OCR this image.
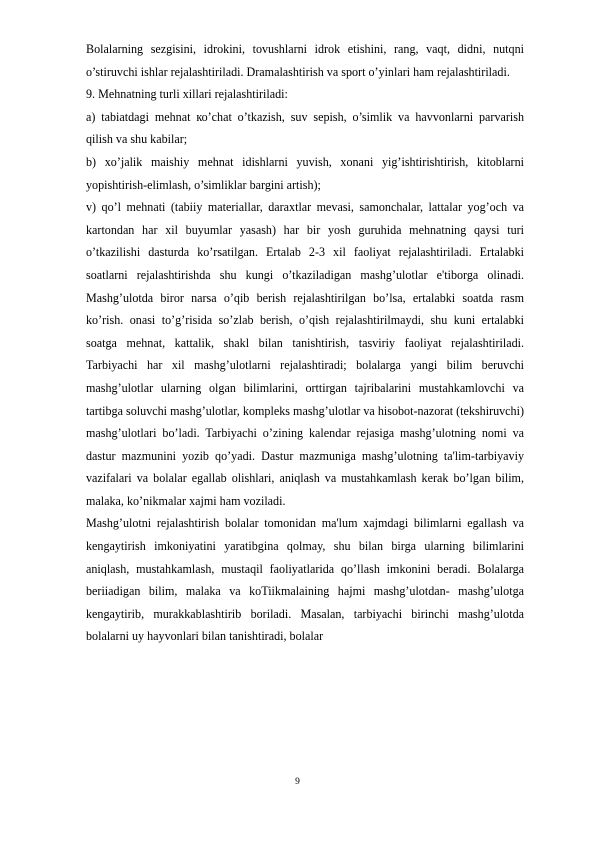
Bolalarning sezgisini, idrokini, tovushlarni idrok etishini, rang, vaqt, didni, nutqni o’stiruvchi ishlar rejalashtiriladi. Dramalashtirish va sport o’yinlari ham rejalashtiriladi.

9. Mehnatning turli xillari rejalashtiriladi:

a) tabiatdagi mehnat ко’chat o’tkazish, suv sepish, o’simlik va havvonlarni parvarish qilish va shu kabilar;

b) xo’jalik maishiy mehnat idishlarni yuvish, xonani yig’ishtirishtirish, kitoblarni yopishtirish-elimlash, o’simliklar bargini artish);

v) qo’l mehnati (tabiiy materiallar, daraxtlar mevasi, samonchalar, lattalar yog’och va kartondan har xil buyumlar yasash) har bir yosh guruhida mehnatning qaysi turi o’tkazilishi dasturda ko’rsatilgan. Ertalab 2-3 xil faoliyat rejalashtiriladi. Ertalabki soatlarni rejalashtirishda shu kungi o’tkaziladigan mashg’ulotlar e'tiborga olinadi. Mashg’ulotda biror narsa o’qib berish rejalashtirilgan bo’lsa, ertalabki soatda rasm ko’rish. onasi to’g’risida so’zlab berish, o’qish rejalashtirilmaydi, shu kuni ertalabki soatga mehnat, kattalik, shakl bilan tanishtirish, tasviriy faoliyat rejalashtiriladi. Tarbiyachi har xil mashg’ulotlarni rejalashtiradi; bolalarga yangi bilim beruvchi mashg’ulotlar ularning olgan bilimlarini, orttirgan tajribalarini mustahkamlovchi va tartibga soluvchi mashg’ulotlar, kompleks mashg’ulotlar va hisobot-nazorat (tekshiruvchi) mashg’ulotlari bo’ladi. Tarbiyachi o’zining kalendar rejasiga mashg’ulotning nomi va dastur mazmunini yozib qo’yadi. Dastur mazmuniga mashg’ulotning ta'lim-tarbiyaviy vazifalari va bolalar egallab olishlari, aniqlash va mustahkamlash kerak bo’lgan bilim, malaka, ko’nikmalar xajmi ham voziladi.

Mashg’ulotni rejalashtirish bolalar tomonidan ma'lum xajmdagi bilimlarni egallash va kengaytirish imkoniyatini yaratibgina qolmay, shu bilan birga ularning bilimlarini aniqlash, mustahkamlash, mustaqil faoliyatlarida qo’llash imkonini beradi. Bolalarga beriiadigan bilim, malaka va koTiikmalaining hajmi mashg’ulotdan- mashg’ulotga kengaytirib, murakkablashtirib boriladi. Masalan, tarbiyachi birinchi mashg’ulotda bolalarni uy hayvonlari bilan tanishtiradi, bolalar

9
